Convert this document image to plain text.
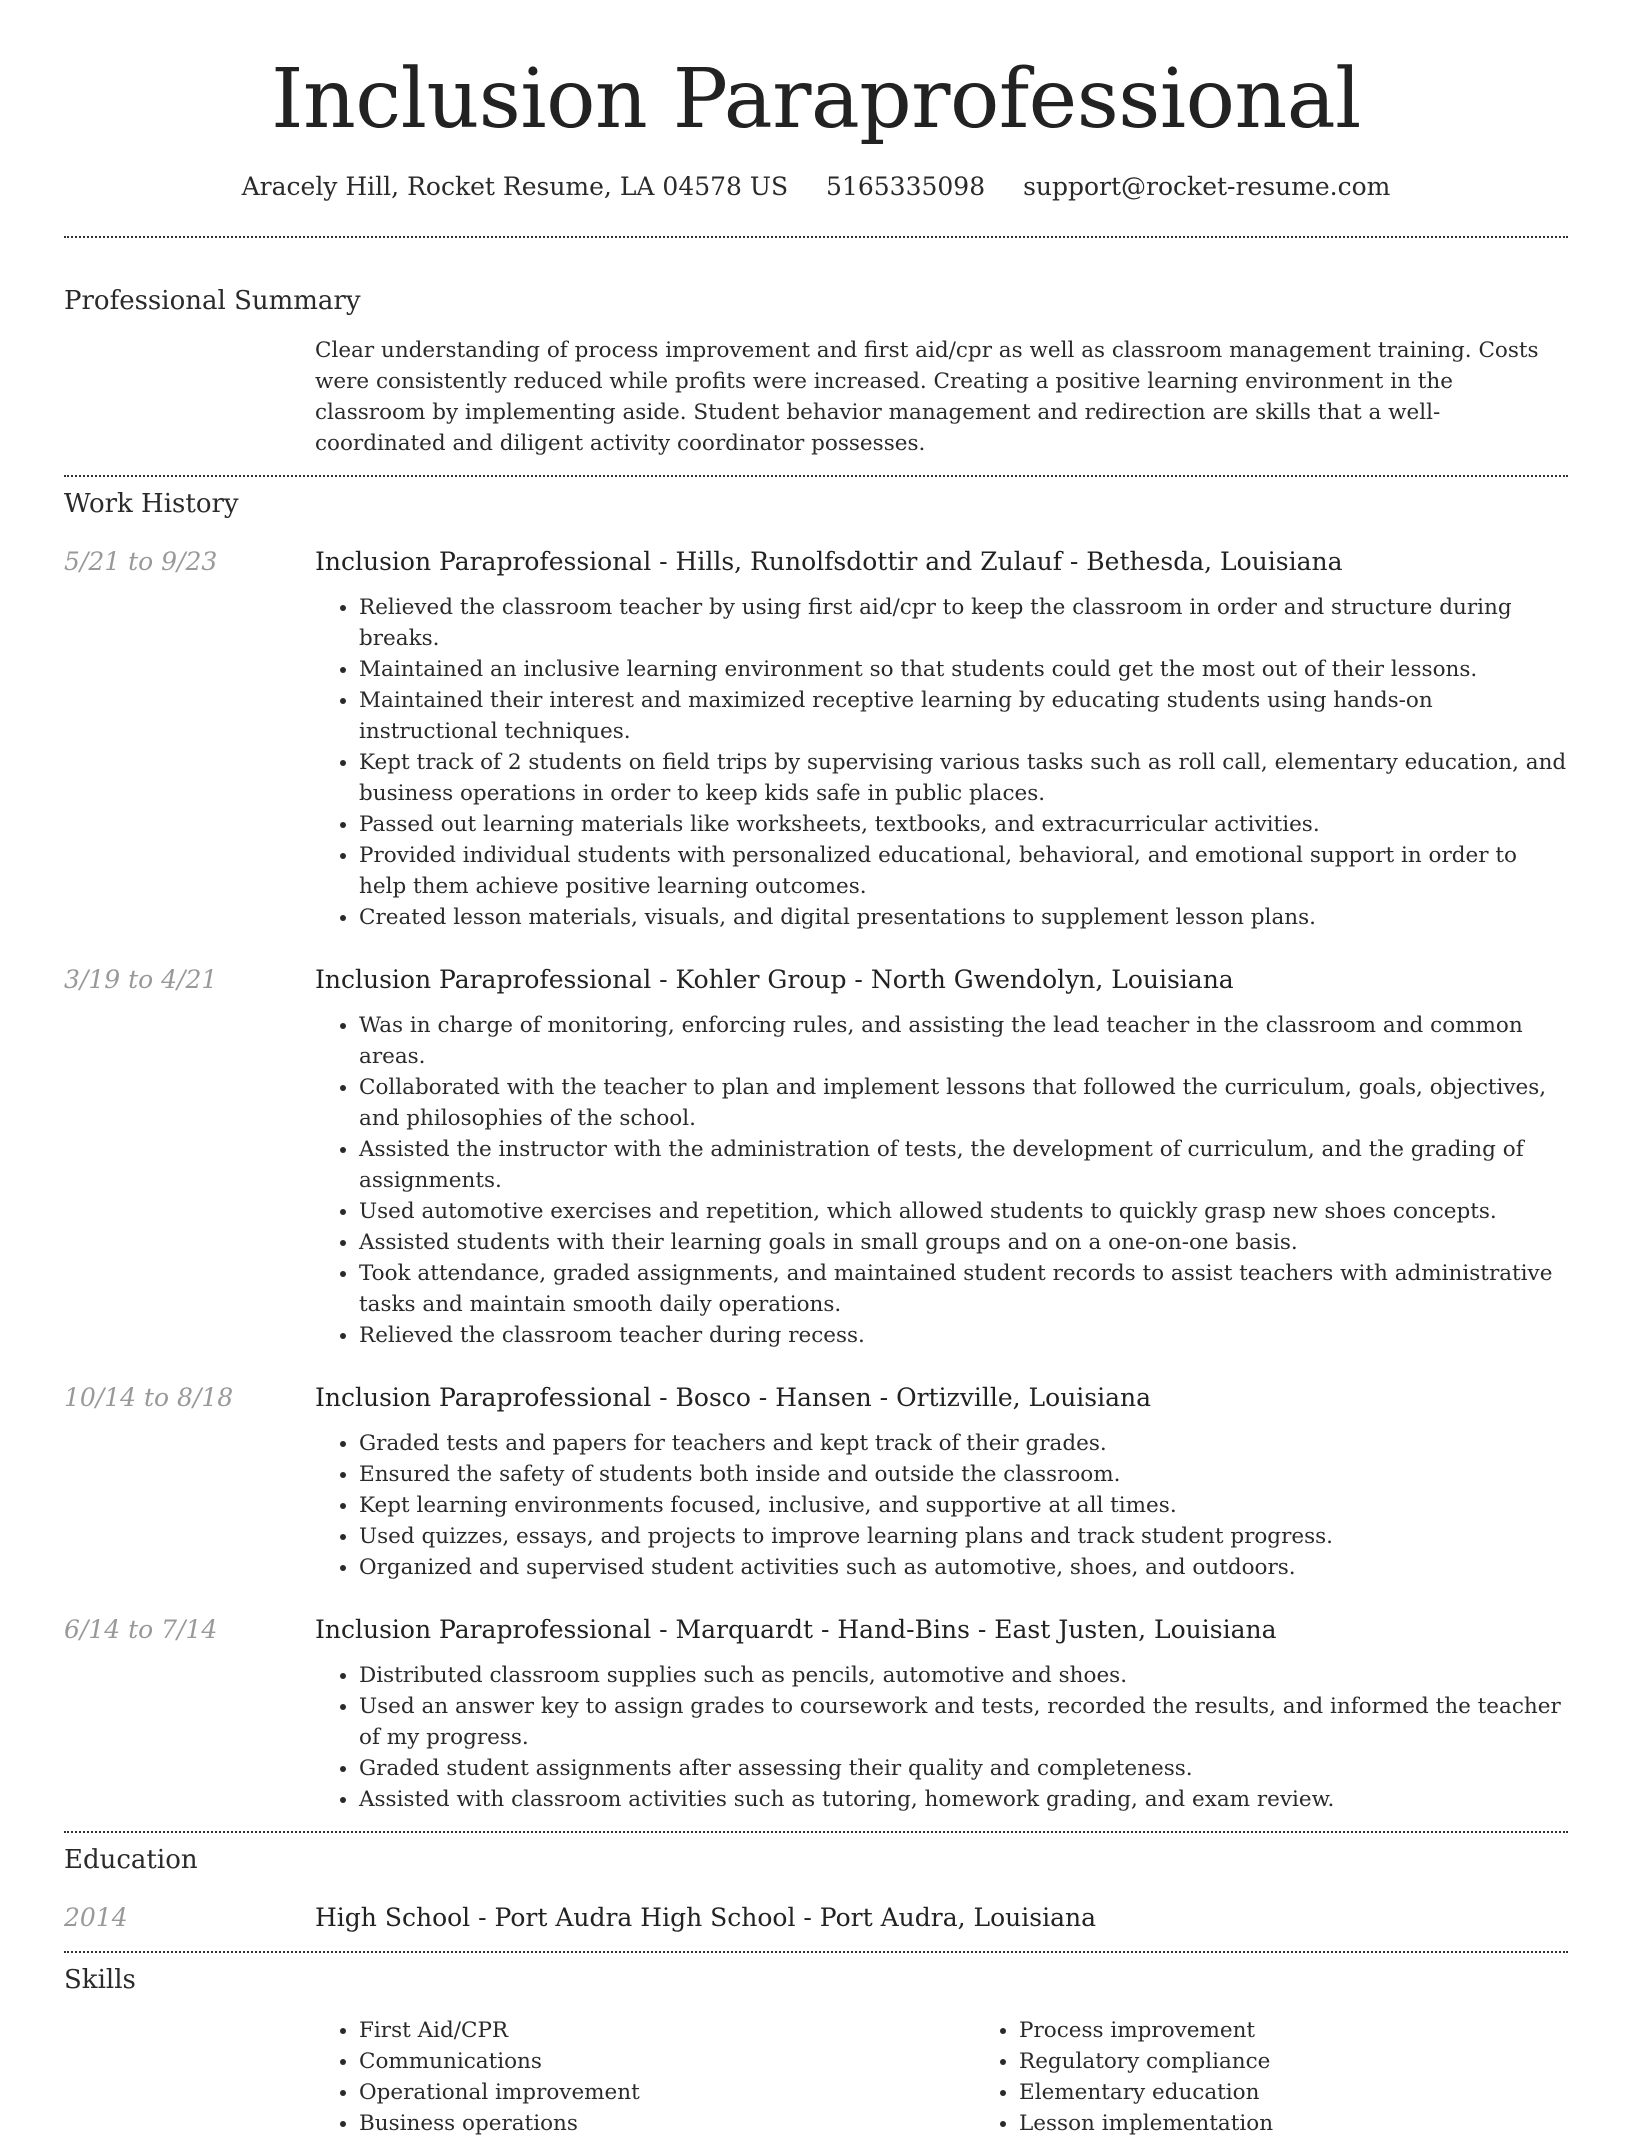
Inclusion Paraprofessional
Aracely Hill, Rocket Resume, LA 04578 US 5165335098 support@rocket-resume.com
Professional Summary
Clear understanding of process improvement and first aid/cpr as well as classroom management training. Costs were consistently reduced while profits were increased. Creating a positive learning environment in the classroom by implementing aside. Student behavior management and redirection are skills that a well-coordinated and diligent activity coordinator possesses.
Work History
5/21 to 9/23	Inclusion Paraprofessional - Hills, Runolfsdottir and Zulauf - Bethesda, Louisiana
• Relieved the classroom teacher by using first aid/cpr to keep the classroom in order and structure during breaks.
• Maintained an inclusive learning environment so that students could get the most out of their lessons.
• Maintained their interest and maximized receptive learning by educating students using hands-on instructional techniques.
• Kept track of 2 students on field trips by supervising various tasks such as roll call, elementary education, and business operations in order to keep kids safe in public places.
• Passed out learning materials like worksheets, textbooks, and extracurricular activities.
• Provided individual students with personalized educational, behavioral, and emotional support in order to help them achieve positive learning outcomes.
• Created lesson materials, visuals, and digital presentations to supplement lesson plans.
3/19 to 4/21	Inclusion Paraprofessional - Kohler Group - North Gwendolyn, Louisiana
• Was in charge of monitoring, enforcing rules, and assisting the lead teacher in the classroom and common areas.
• Collaborated with the teacher to plan and implement lessons that followed the curriculum, goals, objectives, and philosophies of the school.
• Assisted the instructor with the administration of tests, the development of curriculum, and the grading of assignments.
• Used automotive exercises and repetition, which allowed students to quickly grasp new shoes concepts.
• Assisted students with their learning goals in small groups and on a one-on-one basis.
• Took attendance, graded assignments, and maintained student records to assist teachers with administrative tasks and maintain smooth daily operations.
• Relieved the classroom teacher during recess.
10/14 to 8/18	Inclusion Paraprofessional - Bosco - Hansen - Ortizville, Louisiana
• Graded tests and papers for teachers and kept track of their grades.
• Ensured the safety of students both inside and outside the classroom.
• Kept learning environments focused, inclusive, and supportive at all times.
• Used quizzes, essays, and projects to improve learning plans and track student progress.
• Organized and supervised student activities such as automotive, shoes, and outdoors.
6/14 to 7/14	Inclusion Paraprofessional - Marquardt - Hand-Bins - East Justen, Louisiana
• Distributed classroom supplies such as pencils, automotive and shoes.
• Used an answer key to assign grades to coursework and tests, recorded the results, and informed the teacher of my progress.
• Graded student assignments after assessing their quality and completeness.
• Assisted with classroom activities such as tutoring, homework grading, and exam review.
Education
2014	High School - Port Audra High School - Port Audra, Louisiana
Skills
• First Aid/CPR
• Communications
• Operational improvement
• Business operations
• Process improvement
• Regulatory compliance
• Elementary education
• Lesson implementation
